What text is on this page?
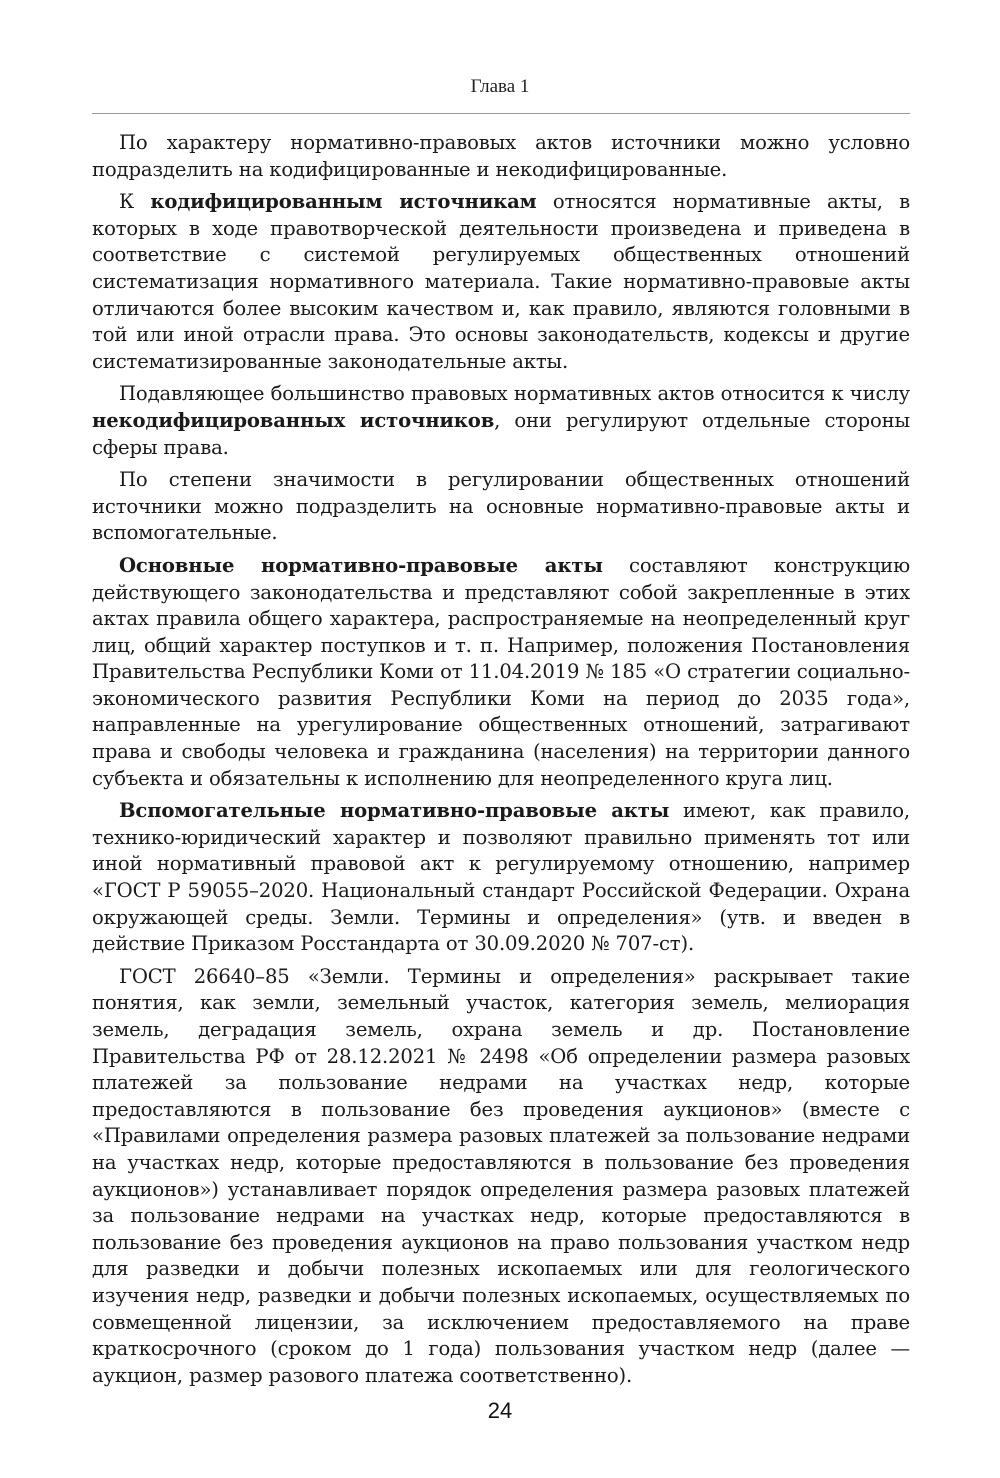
Глава 1

По характеру нормативно-правовых актов источники можно условно подразделить на кодифицированные и некодифицированные.

К кодифицированным источникам относятся нормативные акты, в которых в ходе правотворческой деятельности произведена и приведена в соответствие с системой регулируемых общественных отношений систематизация нормативного материала. Такие нормативно-правовые акты отличаются более высоким качеством и, как правило, являются головными в той или иной отрасли права. Это основы законодательств, кодексы и другие систематизированные законодательные акты.

Подавляющее большинство правовых нормативных актов относится к числу некодифицированных источников, они регулируют отдельные стороны сферы права.

По степени значимости в регулировании общественных отношений источники можно подразделить на основные нормативно-правовые акты и вспомогательные.

Основные нормативно-правовые акты составляют конструкцию действующего законодательства и представляют собой закрепленные в этих актах правила общего характера, распространяемые на неопределенный круг лиц, общий характер поступков и т. п. Например, положения Постановления Правительства Республики Коми от 11.04.2019 № 185 «О стратегии социально-экономического развития Республики Коми на период до 2035 года», направленные на урегулирование общественных отношений, затрагивают права и свободы человека и гражданина (населения) на территории данного субъекта и обязательны к исполнению для неопределенного круга лиц.

Вспомогательные нормативно-правовые акты имеют, как правило, технико-юридический характер и позволяют правильно применять тот или иной нормативный правовой акт к регулируемому отношению, например «ГОСТ Р 59055–2020. Национальный стандарт Российской Федерации. Охрана окружающей среды. Земли. Термины и определения» (утв. и введен в действие Приказом Росстандарта от 30.09.2020 № 707-ст).

ГОСТ 26640–85 «Земли. Термины и определения» раскрывает такие понятия, как земли, земельный участок, категория земель, мелиорация земель, деградация земель, охрана земель и др. Постановление Правительства РФ от 28.12.2021 № 2498 «Об определении размера разовых платежей за пользование недрами на участках недр, которые предоставляются в пользование без проведения аукционов» (вместе с «Правилами определения размера разовых платежей за пользование недрами на участках недр, которые предоставляются в пользование без проведения аукционов») устанавливает порядок определения размера разовых платежей за пользование недрами на участках недр, которые предоставляются в пользование без проведения аукционов на право пользования участком недр для разведки и добычи полезных ископаемых или для геологического изучения недр, разведки и добычи полезных ископаемых, осуществляемых по совмещенной лицензии, за исключением предоставляемого на праве краткосрочного (сроком до 1 года) пользования участком недр (далее — аукцион, размер разового платежа соответственно).

24
